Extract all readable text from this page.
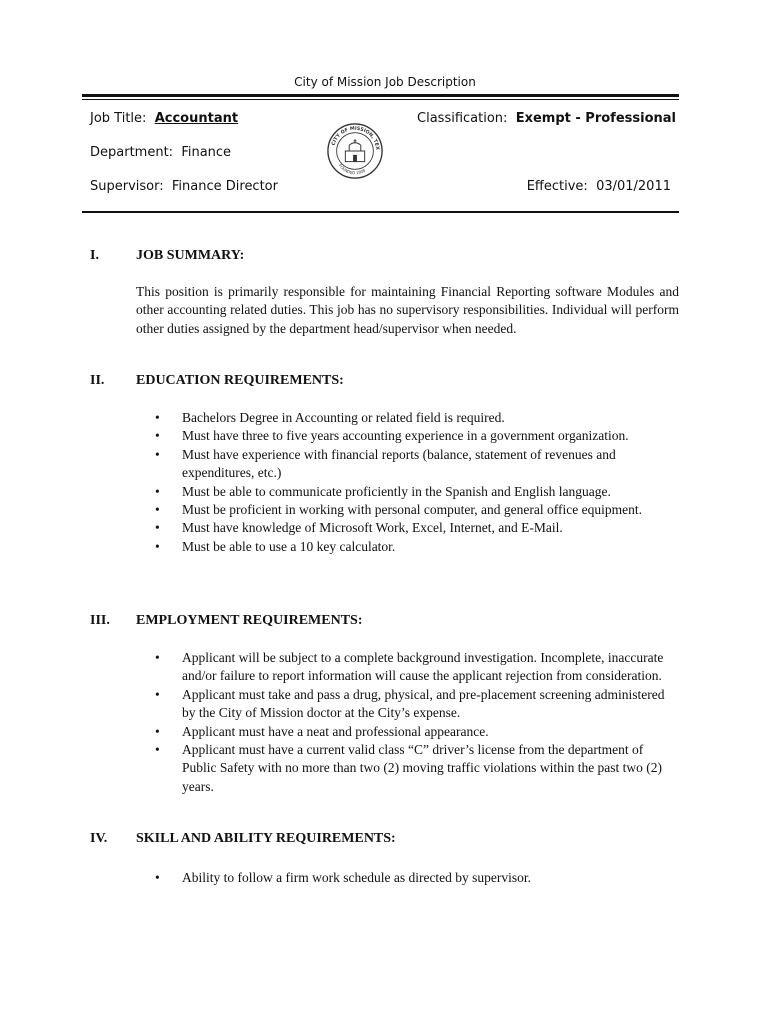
City of Mission Job Description
Job Title: Accountant	Classification: Exempt - Professional
Department: Finance
Supervisor: Finance Director	Effective: 03/01/2011
CITY OF MISSION, TEX
FOUNDED 1908
I.	JOB SUMMARY:
This position is primarily responsible for maintaining Financial Reporting software Modules and other accounting related duties. This job has no supervisory responsibilities. Individual will perform other duties assigned by the department head/supervisor when needed.
II. EDUCATION REQUIREMENTS:
• Bachelors Degree in Accounting or related field is required.
• Must have three to five years accounting experience in a government organization.
• Must have experience with financial reports (balance, statement of revenues and expenditures, etc.)
• Must be able to communicate proficiently in the Spanish and English language.
• Must be proficient in working with personal computer, and general office equipment.
• Must have knowledge of Microsoft Work, Excel, Internet, and E-Mail.
• Must be able to use a 10 key calculator.
III. EMPLOYMENT REQUIREMENTS:
• Applicant will be subject to a complete background investigation. Incomplete, inaccurate and/or failure to report information will cause the applicant rejection from consideration.
• Applicant must take and pass a drug, physical, and pre-placement screening administered by the City of Mission doctor at the City’s expense.
• Applicant must have a neat and professional appearance.
• Applicant must have a current valid class “C” driver’s license from the department of Public Safety with no more than two (2) moving traffic violations within the past two (2) years.
IV. SKILL AND ABILITY REQUIREMENTS:
• Ability to follow a firm work schedule as directed by supervisor.
